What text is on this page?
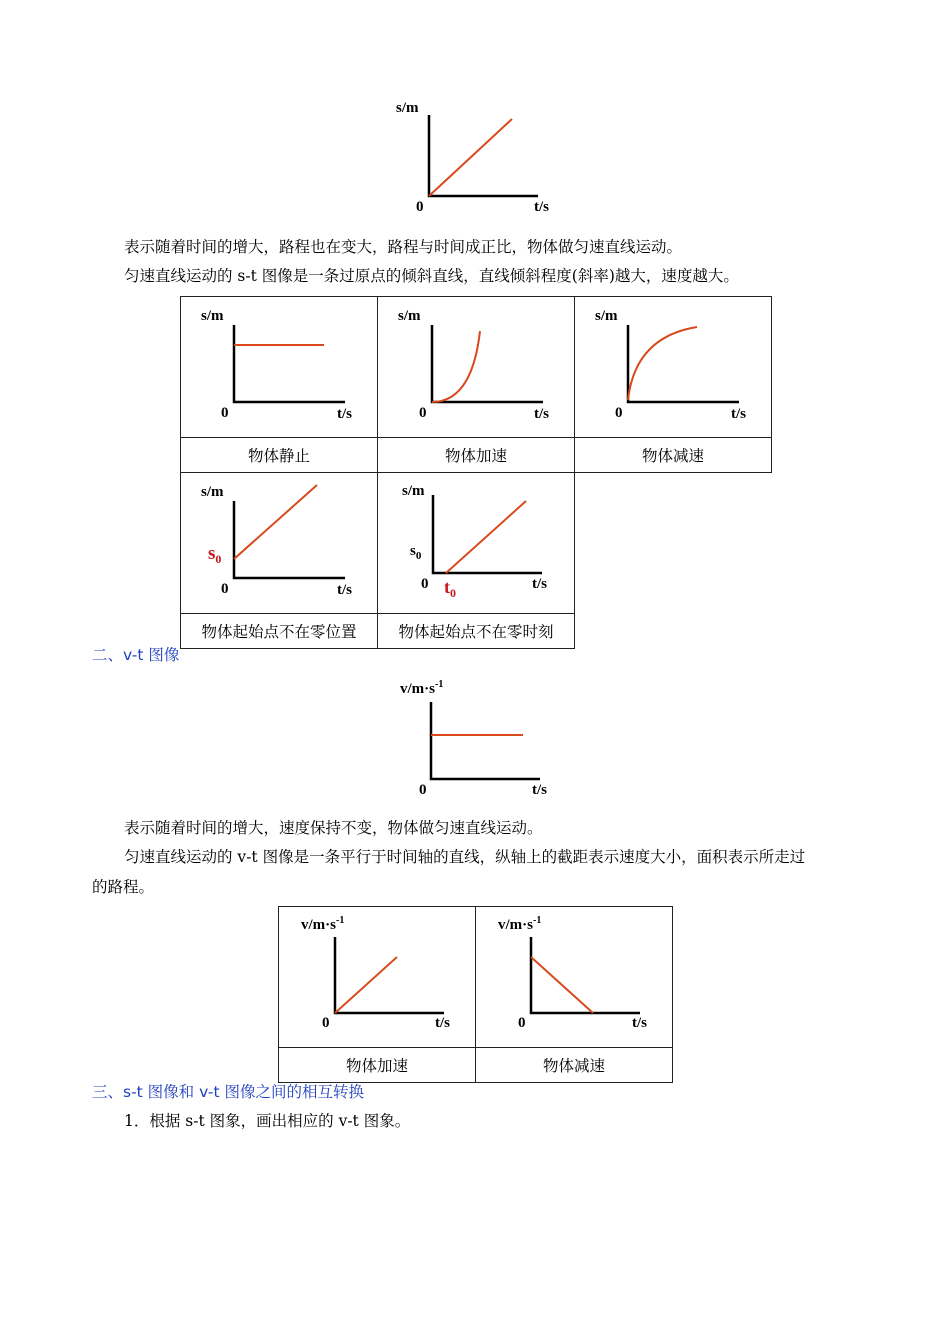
s/m
t/s
0
表示随着时间的增大，路程也在变大，路程与时间成正比，物体做匀速直线运动。
匀速直线运动的 s-t 图像是一条过原点的倾斜直线，直线倾斜程度(斜率)越大，速度越大。
s/m
t/s
0	s/m
t/s
0	s/m
t/s
0

物体静止	物体加速	物体减速

s/m
t/s
0
$s_0$	s/m
t/s
0
$s_0$
$t_0$

物体起始点不在零位置	物体起始点不在零时刻	
二、v-t 图像
$v/m\cdot s^{-1}$
t/s
0
表示随着时间的增大，速度保持不变，物体做匀速直线运动。
匀速直线运动的 v-t 图像是一条平行于时间轴的直线，纵轴上的截距表示速度大小，面积表示所走过
的路程。
$v/m\cdot s^{-1}$
t/s
0	$v/m\cdot s^{-1}$
t/s
0

物体加速	物体减速
三、s-t 图像和 v-t 图像之间的相互转换
1．根据 s-t 图象，画出相应的 v-t 图象。
